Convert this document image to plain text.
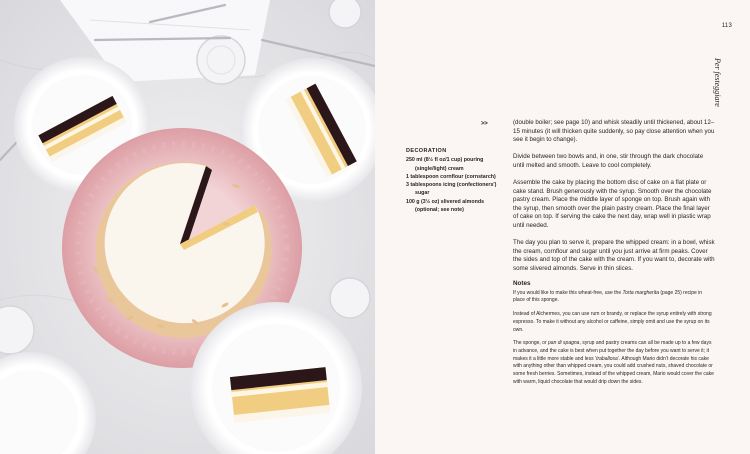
113
Per festeggiare
>>
DECORATION
250 ml (8½ fl oz/1 cup) pouring
(single/light) cream
1 tablespoon cornflour (cornstarch)
3 tablespoons icing (confectioners')
sugar
100 g (3½ oz) slivered almonds
(optional; see note)

(double boiler; see page 10) and whisk steadily until thickened, about 12–15 minutes (it will thicken quite suddenly, so pay close attention when you see it begin to change).

Divide between two bowls and, in one, stir through the dark chocolate until melted and smooth. Leave to cool completely.

Assemble the cake by placing the bottom disc of cake on a flat plate or cake stand. Brush generously with the syrup. Smooth over the chocolate pastry cream. Place the middle layer of sponge on top. Brush again with the syrup, then smooth over the plain pastry cream. Place the final layer of cake on top. If serving the cake the next day, wrap well in plastic wrap until needed.

The day you plan to serve it, prepare the whipped cream: in a bowl, whisk the cream, cornflour and sugar until you just arrive at firm peaks. Cover the sides and top of the cake with the cream. If you want to, decorate with some slivered almonds. Serve in thin slices.

Notes

If you would like to make this wheat-free, use the Torta margherita (page 25) recipe in place of this sponge.

Instead of Alchermes, you can use rum or brandy, or replace the syrup entirely with strong espresso. To make it without any alcohol or caffeine, simply omit and use the syrup on its own.

The sponge, or pan di spagna, syrup and pastry creams can all be made up to a few days in advance, and the cake is best when put together the day before you want to serve it; it makes it a little more stable and less ‘traballosa’. Although Mario didn’t decorate his cake with anything other than whipped cream, you could add crushed nuts, shaved chocolate or some fresh berries. Sometimes, instead of the whipped cream, Mario would cover the cake with warm, liquid chocolate that would drip down the sides.
